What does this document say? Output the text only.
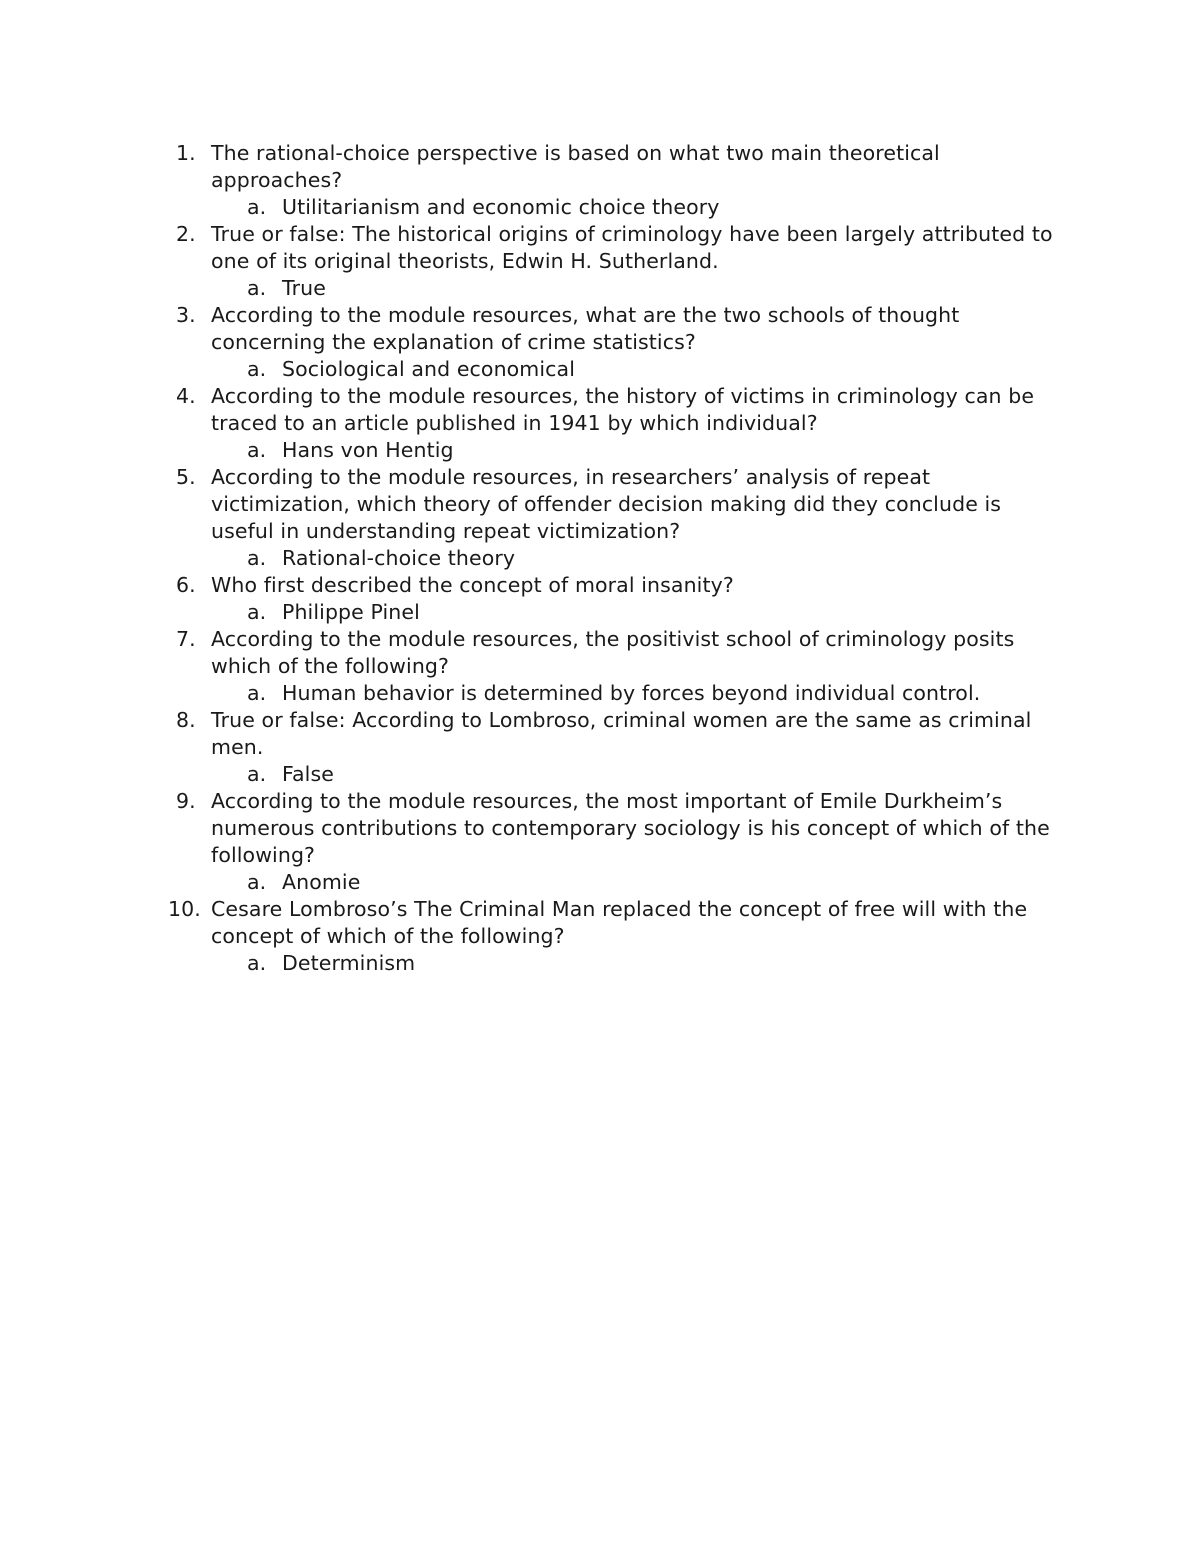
1. The rational-choice perspective is based on what two main theoretical approaches?
a. Utilitarianism and economic choice theory
2. True or false: The historical origins of criminology have been largely attributed to one of its original theorists, Edwin H. Sutherland.
a. True
3. According to the module resources, what are the two schools of thought concerning the explanation of crime statistics?
a. Sociological and economical
4. According to the module resources, the history of victims in criminology can be traced to an article published in 1941 by which individual?
a. Hans von Hentig
5. According to the module resources, in researchers’ analysis of repeat victimization, which theory of offender decision making did they conclude is useful in understanding repeat victimization?
a. Rational-choice theory
6. Who first described the concept of moral insanity?
a. Philippe Pinel
7. According to the module resources, the positivist school of criminology posits which of the following?
a. Human behavior is determined by forces beyond individual control.
8. True or false: According to Lombroso, criminal women are the same as criminal men.
a. False
9. According to the module resources, the most important of Emile Durkheim’s numerous contributions to contemporary sociology is his concept of which of the following?
a. Anomie
10. Cesare Lombroso’s The Criminal Man replaced the concept of free will with the concept of which of the following?
a. Determinism
